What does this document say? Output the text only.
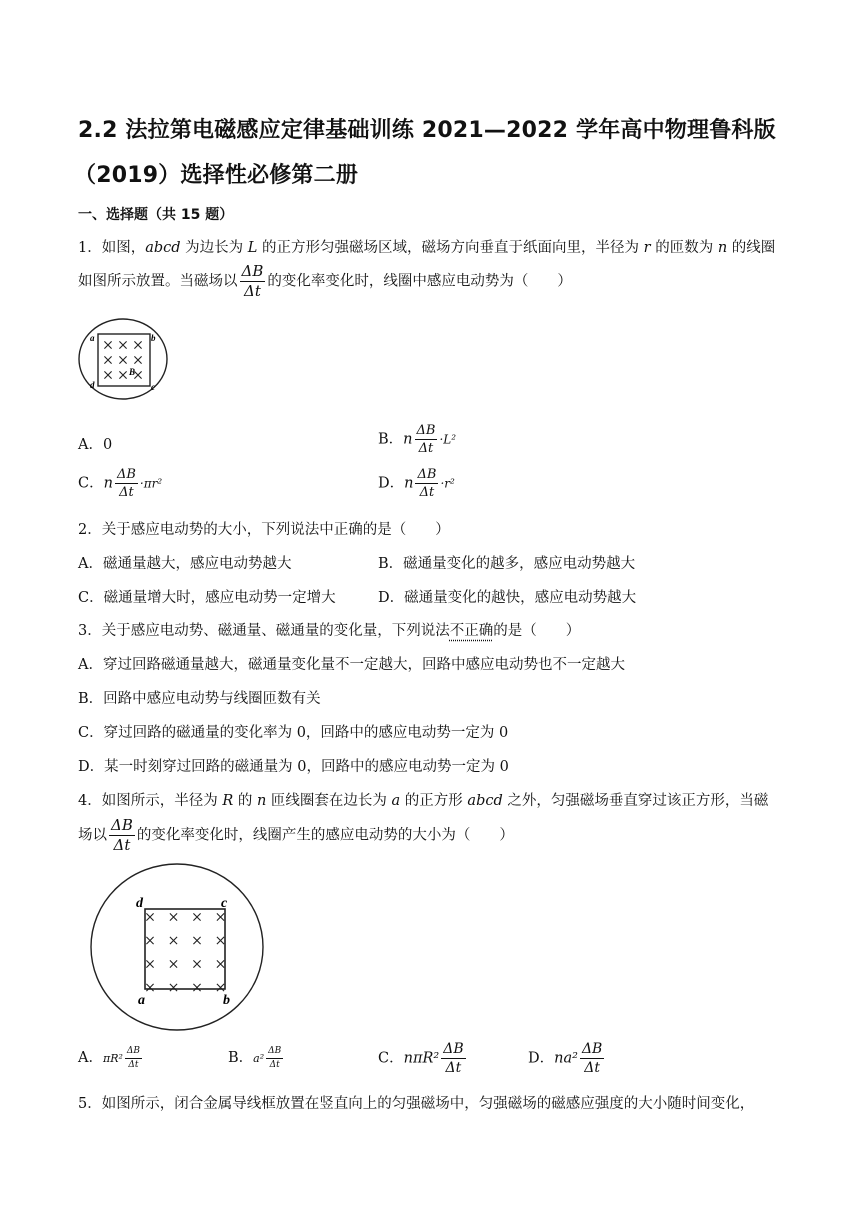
2.2 法拉第电磁感应定律基础训练 2021—2022 学年高中物理鲁科版
（2019）选择性必修第二册
一、选择题（共 15 题）
1．如图，abcd 为边长为 L 的正方形匀强磁场区域，磁场方向垂直于纸面向里，半径为 r 的匝数为 n 的线圈
如图所示放置。当磁场以 $\frac{\Delta B}{\Delta t}$ 的变化率变化时，线圈中感应电动势为（　　）
a	b
d	c
B
A．0	B．n $\frac{\Delta B}{\Delta t} \cdot L^2$
C．n $\frac{\Delta B}{\Delta t} \cdot\pi r^2$	D．n $\frac{\Delta B}{\Delta t} \cdot r^2$
2．关于感应电动势的大小，下列说法中正确的是（　　）
A．磁通量越大，感应电动势越大	B．磁通量变化的越多，感应电动势越大
C．磁通量增大时，感应电动势一定增大	D．磁通量变化的越快，感应电动势越大
3．关于感应电动势、磁通量、磁通量的变化量，下列说法不正确的是（　　）
A．穿过回路磁通量越大，磁通量变化量不一定越大，回路中感应电动势也不一定越大
B．回路中感应电动势与线圈匝数有关
C．穿过回路的磁通量的变化率为 0，回路中的感应电动势一定为 0
D．某一时刻穿过回路的磁通量为 0，回路中的感应电动势一定为 0
4．如图所示，半径为 R 的 n 匝线圈套在边长为 a 的正方形 abcd 之外，匀强磁场垂直穿过该正方形，当磁
场以 $\frac{\Delta B}{\Delta t}$ 的变化率变化时，线圈产生的感应电动势的大小为（　　）
d	c
a	b
A．$\pi R^2 \frac{\Delta B}{\Delta t}$	B．$a^2 \frac{\Delta B}{\Delta t}$	C．$n\pi R^2 \frac{\Delta B}{\Delta t}$	D．$na^2 \frac{\Delta B}{\Delta t}$
5．如图所示，闭合金属导线框放置在竖直向上的匀强磁场中，匀强磁场的磁感应强度的大小随时间变化，
